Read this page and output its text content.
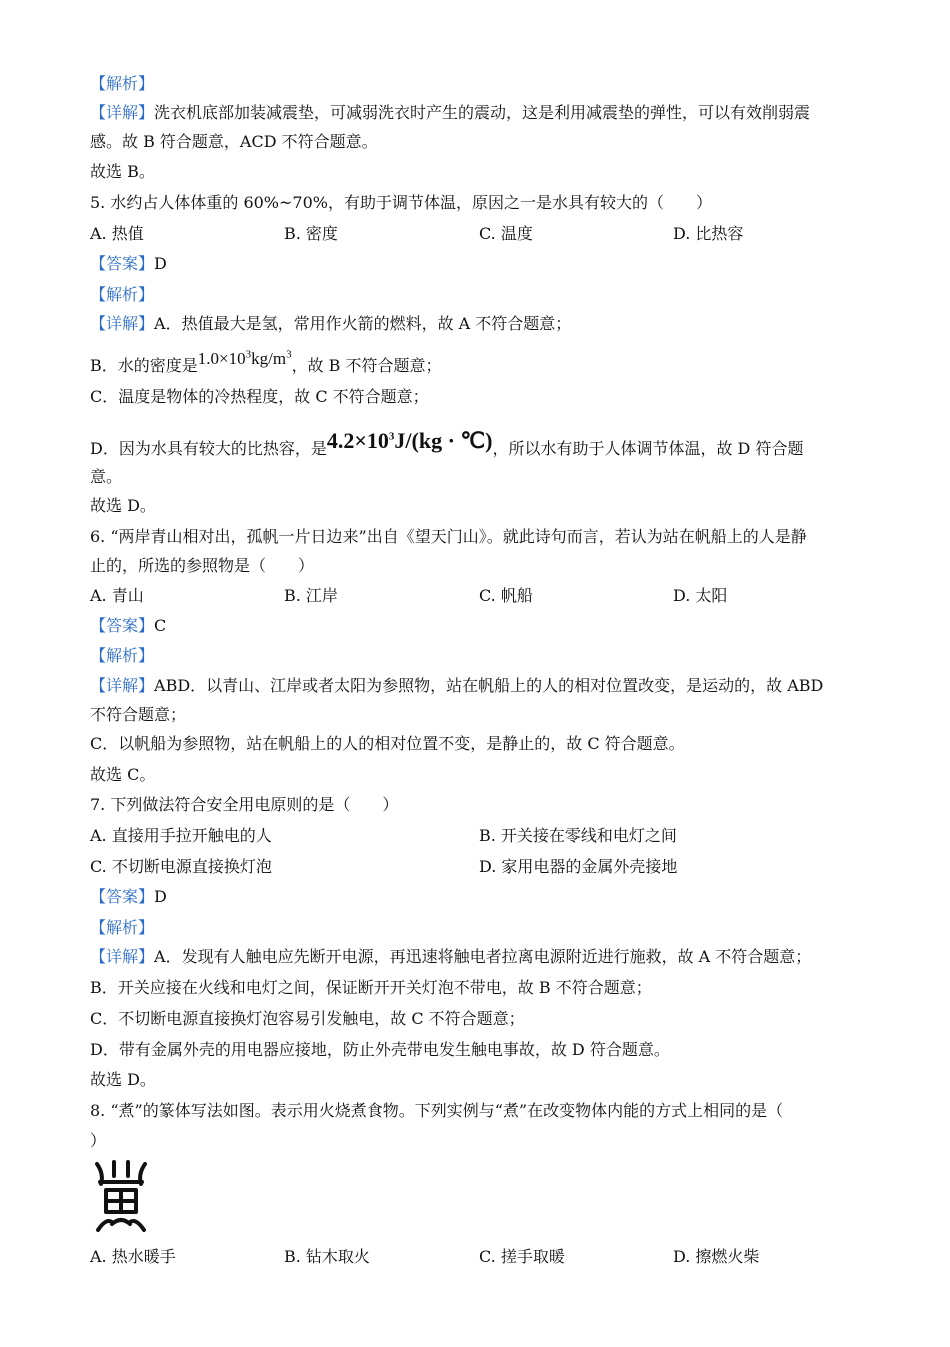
【解析】
【详解】洗衣机底部加装减震垫，可减弱洗衣时产生的震动，这是利用减震垫的弹性，可以有效削弱震
感。故 B 符合题意，ACD 不符合题意。
故选 B。
5. 水约占人体体重的 60%~70%，有助于调节体温，原因之一是水具有较大的（　　）
A. 热值	B. 密度	C. 温度	D. 比热容
【答案】D
【解析】
【详解】A．热值最大是氢，常用作火箭的燃料，故 A 不符合题意；
B．水的密度是$1.0\times 10^3kg/m^3$，故 B 不符合题意；
C．温度是物体的冷热程度，故 C 不符合题意；
D．因为水具有较大的比热容，是$4.2\times 10^3J/(kg$ · ℃)，所以水有助于人体调节体温，故 D 符合题
意。
故选 D。
6. “两岸青山相对出，孤帆一片日边来”出自《望天门山》。就此诗句而言，若认为站在帆船上的人是静
止的，所选的参照物是（　　）
A. 青山	B. 江岸	C. 帆船	D. 太阳
【答案】C
【解析】
【详解】ABD．以青山、江岸或者太阳为参照物，站在帆船上的人的相对位置改变，是运动的，故 ABD
不符合题意；
C．以帆船为参照物，站在帆船上的人的相对位置不变，是静止的，故 C 符合题意。
故选 C。
7. 下列做法符合安全用电原则的是（　　）
A. 直接用手拉开触电的人	B. 开关接在零线和电灯之间
C. 不切断电源直接换灯泡	D. 家用电器的金属外壳接地
【答案】D
【解析】
【详解】A．发现有人触电应先断开电源，再迅速将触电者拉离电源附近进行施救，故 A 不符合题意；
B．开关应接在火线和电灯之间，保证断开开关灯泡不带电，故 B 不符合题意；
C．不切断电源直接换灯泡容易引发触电，故 C 不符合题意；
D．带有金属外壳的用电器应接地，防止外壳带电发生触电事故，故 D 符合题意。
故选 D。
8. “煮”的篆体写法如图。表示用火烧煮食物。下列实例与“煮”在改变物体内能的方式上相同的是（
）
A. 热水暖手	B. 钻木取火	C. 搓手取暖	D. 擦燃火柴
